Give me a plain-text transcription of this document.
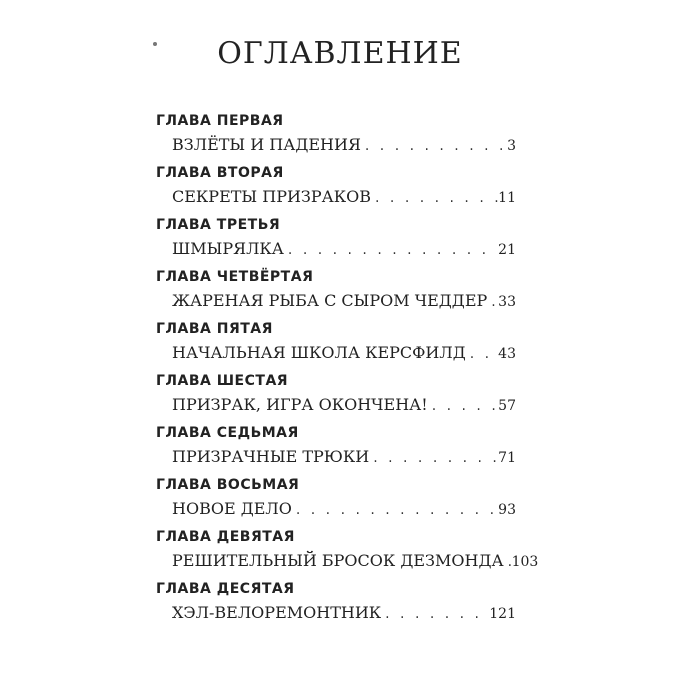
ОГЛАВЛЕНИЕ
ГЛАВА ПЕРВАЯ
ВЗЛЁТЫ И ПАДЕНИЯ . . .	3
ГЛАВА ВТОРАЯ
СЕКРЕТЫ ПРИЗРАКОВ . . .	11
ГЛАВА ТРЕТЬЯ
ШМЫРЯЛКА . . .	21
ГЛАВА ЧЕТВЁРТАЯ
ЖАРЕНАЯ РЫБА С СЫРОМ ЧЕДДЕР . . . 33
ГЛАВА ПЯТАЯ
НАЧАЛЬНАЯ ШКОЛА КЕРСФИЛД . . . 43
ГЛАВА ШЕСТАЯ
ПРИЗРАК, ИГРА ОКОНЧЕНА! . . .	57
ГЛАВА СЕДЬМАЯ
ПРИЗРАЧНЫЕ ТРЮКИ . . .	71
ГЛАВА ВОСЬМАЯ
НОВОЕ ДЕЛО . . .	93
ГЛАВА ДЕВЯТАЯ
РЕШИТЕЛЬНЫЙ БРОСОК ДЕЗМОНДА . . . 103
ГЛАВА ДЕСЯТАЯ
ХЭЛ-ВЕЛОРЕМОНТНИК . . .	121
